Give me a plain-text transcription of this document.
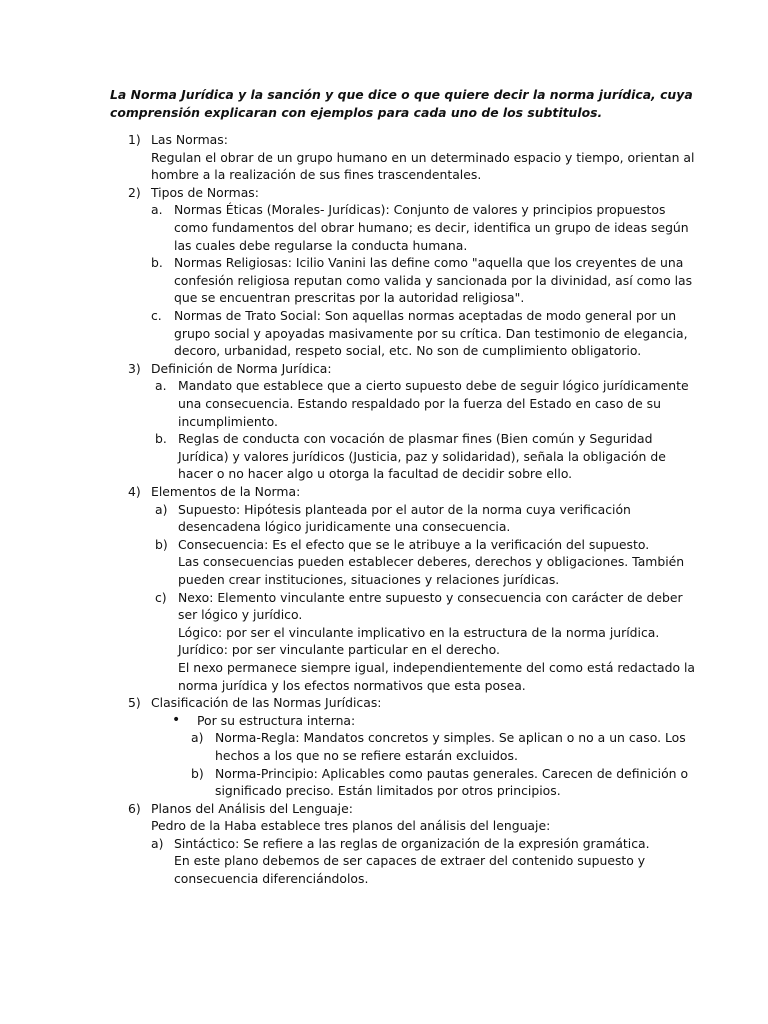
La Norma Jurídica y la sanción y que dice o que quiere decir la norma jurídica, cuya
comprensión explicaran con ejemplos para cada uno de los subtitulos.

1) Las Normas:
Regulan el obrar de un grupo humano en un determinado espacio y tiempo, orientan al
hombre a la realización de sus fines trascendentales.
2) Tipos de Normas:
a. Normas Éticas (Morales- Jurídicas): Conjunto de valores y principios propuestos
como fundamentos del obrar humano; es decir, identifica un grupo de ideas según
las cuales debe regularse la conducta humana.
b. Normas Religiosas: Icilio Vanini las define como "aquella que los creyentes de una
confesión religiosa reputan como valida y sancionada por la divinidad, así como las
que se encuentran prescritas por la autoridad religiosa".
c. Normas de Trato Social: Son aquellas normas aceptadas de modo general por un
grupo social y apoyadas masivamente por su crítica. Dan testimonio de elegancia,
decoro, urbanidad, respeto social, etc. No son de cumplimiento obligatorio.
3) Definición de Norma Jurídica:
a. Mandato que establece que a cierto supuesto debe de seguir lógico jurídicamente
una consecuencia. Estando respaldado por la fuerza del Estado en caso de su
incumplimiento.
b. Reglas de conducta con vocación de plasmar fines (Bien común y Seguridad
Jurídica) y valores jurídicos (Justicia, paz y solidaridad), señala la obligación de
hacer o no hacer algo u otorga la facultad de decidir sobre ello.
4) Elementos de la Norma:
a) Supuesto: Hipótesis planteada por el autor de la norma cuya verificación
desencadena lógico juridicamente una consecuencia.
b) Consecuencia: Es el efecto que se le atribuye a la verificación del supuesto.
Las consecuencias pueden establecer deberes, derechos y obligaciones. También
pueden crear instituciones, situaciones y relaciones jurídicas.
c) Nexo: Elemento vinculante entre supuesto y consecuencia con carácter de deber
ser lógico y jurídico.
Lógico: por ser el vinculante implicativo en la estructura de la norma jurídica.
Jurídico: por ser vinculante particular en el derecho.
El nexo permanece siempre igual, independientemente del como está redactado la
norma jurídica y los efectos normativos que esta posea.
5) Clasificación de las Normas Jurídicas:
• Por su estructura interna:
a) Norma-Regla: Mandatos concretos y simples. Se aplican o no a un caso. Los
hechos a los que no se refiere estarán excluidos.
b) Norma-Principio: Aplicables como pautas generales. Carecen de definición o
significado preciso. Están limitados por otros principios.
6) Planos del Análisis del Lenguaje:
Pedro de la Haba establece tres planos del análisis del lenguaje:
a) Sintáctico: Se refiere a las reglas de organización de la expresión gramática.
En este plano debemos de ser capaces de extraer del contenido supuesto y
consecuencia diferenciándolos.
